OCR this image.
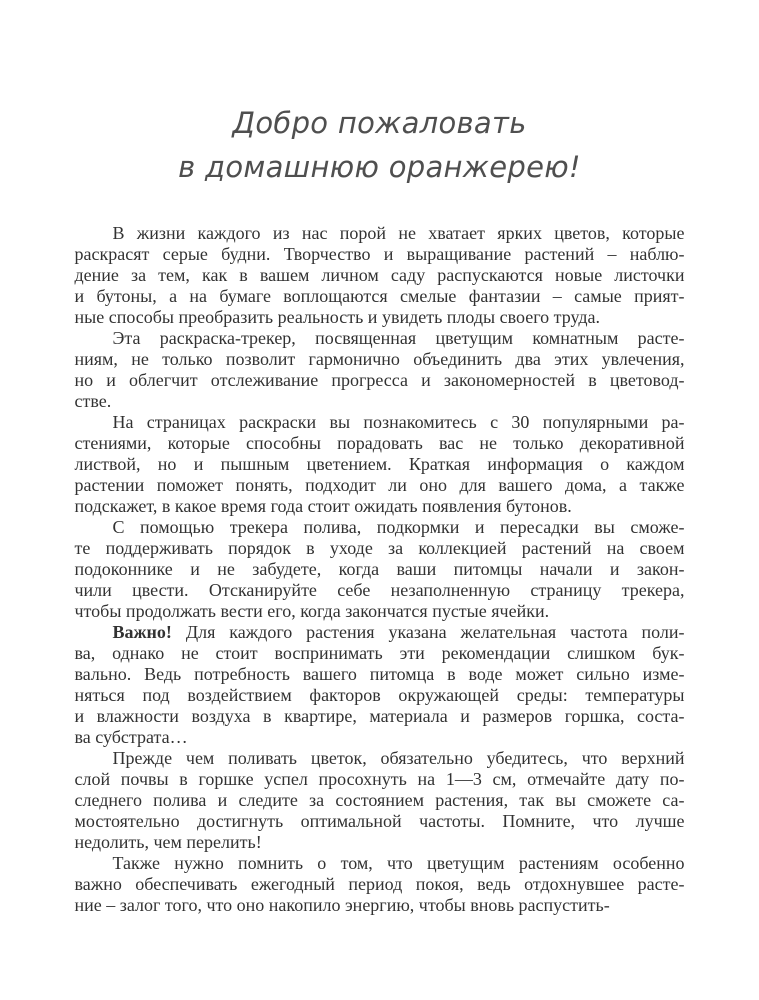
Добро пожаловать
в домашнюю оранжерею!
В жизни каждого из нас порой не хватает ярких цветов, которые
раскрасят серые будни. Творчество и выращивание растений – наблю-
дение за тем, как в вашем личном саду распускаются новые листочки
и бутоны, а на бумаге воплощаются смелые фантазии – самые прият-
ные способы преобразить реальность и увидеть плоды своего труда.
Эта раскраска-трекер, посвященная цветущим комнатным расте-
ниям, не только позволит гармонично объединить два этих увлечения,
но и облегчит отслеживание прогресса и закономерностей в цветовод-
стве.
На страницах раскраски вы познакомитесь с 30 популярными ра-
стениями, которые способны порадовать вас не только декоративной
листвой, но и пышным цветением. Краткая информация о каждом
растении поможет понять, подходит ли оно для вашего дома, а также
подскажет, в какое время года стоит ожидать появления бутонов.
С помощью трекера полива, подкормки и пересадки вы сможе-
те поддерживать порядок в уходе за коллекцией растений на своем
подоконнике и не забудете, когда ваши питомцы начали и закон-
чили цвести. Отсканируйте себе незаполненную страницу трекера,
чтобы продолжать вести его, когда закончатся пустые ячейки.
Важно! Для каждого растения указана желательная частота поли-
ва, однако не стоит воспринимать эти рекомендации слишком бук-
вально. Ведь потребность вашего питомца в воде может сильно изме-
няться под воздействием факторов окружающей среды: температуры
и влажности воздуха в квартире, материала и размеров горшка, соста-
ва субстрата…
Прежде чем поливать цветок, обязательно убедитесь, что верхний
слой почвы в горшке успел просохнуть на 1—3 см, отмечайте дату по-
следнего полива и следите за состоянием растения, так вы сможете са-
мостоятельно достигнуть оптимальной частоты. Помните, что лучше
недолить, чем перелить!
Также нужно помнить о том, что цветущим растениям особенно
важно обеспечивать ежегодный период покоя, ведь отдохнувшее расте-
ние – залог того, что оно накопило энергию, чтобы вновь распустить-
